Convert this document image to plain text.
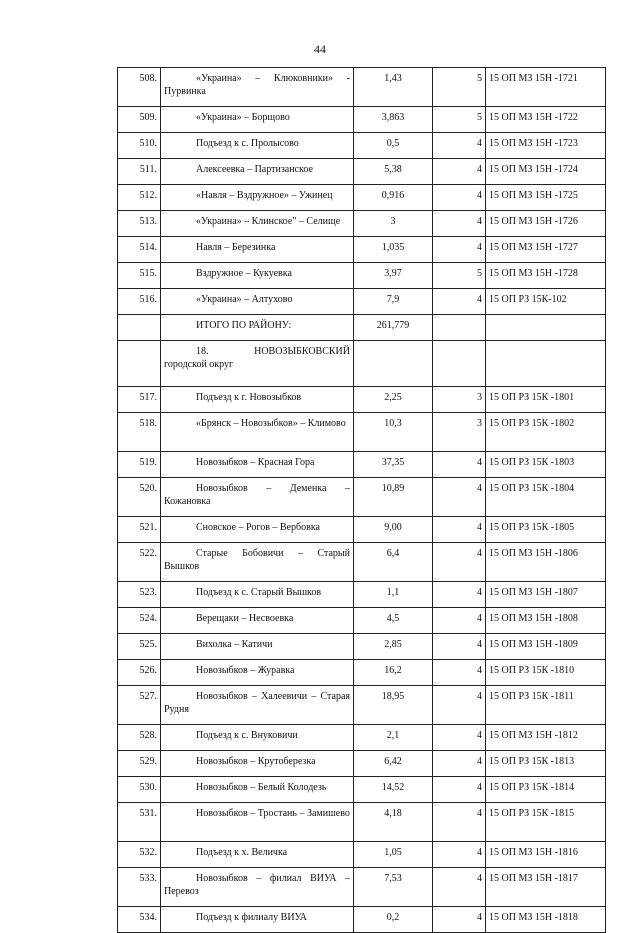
44
508.	«Украина» – Клюковники» - Пурвинка	1,43	5	15 ОП МЗ 15Н -1721
509.	«Украина» – Борщово	3,863	5	15 ОП МЗ 15Н -1722
510.	Подъезд к с. Пролысово	0,5	4	15 ОП МЗ 15Н -1723
511.	Алексеевка – Партизанское	5,38	4	15 ОП МЗ 15Н -1724
512.	«Навля – Вздружное» – Ужинец	0,916	4	15 ОП МЗ 15Н -1725
513.	«Украина» – Клинское" – Селище	3	4	15 ОП МЗ 15Н -1726
514.	Навля – Березинка	1,035	4	15 ОП МЗ 15Н -1727
515.	Вздружное – Кукуевка	3,97	5	15 ОП МЗ 15Н -1728
516.	«Украина» – Алтухово	7,9	4	15 ОП РЗ 15К-102
	ИТОГО ПО РАЙОНУ:	261,779		
	18. НОВОЗЫБКОВСКИЙ городской округ			
517.	Подъезд к г. Новозыбков	2,25	3	15 ОП РЗ 15К -1801
518.	«Брянск – Новозыбков» – Климово	10,3	3	15 ОП РЗ 15К -1802
519.	Новозыбков – Красная Гора	37,35	4	15 ОП РЗ 15К -1803
520.	Новозыбков – Деменка – Кожановка	10,89	4	15 ОП РЗ 15К -1804
521.	Сновское – Рогов – Вербовка	9,00	4	15 ОП РЗ 15К -1805
522.	Старые Бобовичи – Старый Вышков	6,4	4	15 ОП МЗ 15Н -1806
523.	Подъезд к с. Старый Вышков	1,1	4	15 ОП МЗ 15Н -1807
524.	Верещаки – Несвоевка	4,5	4	15 ОП МЗ 15Н -1808
525.	Вихолка – Катичи	2,85	4	15 ОП МЗ 15Н -1809
526.	Новозыбков – Журавка	16,2	4	15 ОП РЗ 15К -1810
527.	Новозыбков – Халеевичи – Старая Рудня	18,95	4	15 ОП РЗ 15К -1811
528.	Подъезд к с. Внуковичи	2,1	4	15 ОП МЗ 15Н -1812
529.	Новозыбков – Крутоберезка	6,42	4	15 ОП РЗ 15К -1813
530.	Новозыбков – Белый Колодезь	14,52	4	15 ОП РЗ 15К -1814
531.	Новозыбков – Тростань – Замишево	4,18	4	15 ОП РЗ 15К -1815
532.	Подъезд к х. Величка	1,05	4	15 ОП МЗ 15Н -1816
533.	Новозыбков – филиал ВИУА – Перевоз	7,53	4	15 ОП МЗ 15Н -1817
534.	Подъезд к филиалу ВИУА	0,2	4	15 ОП МЗ 15Н -1818
